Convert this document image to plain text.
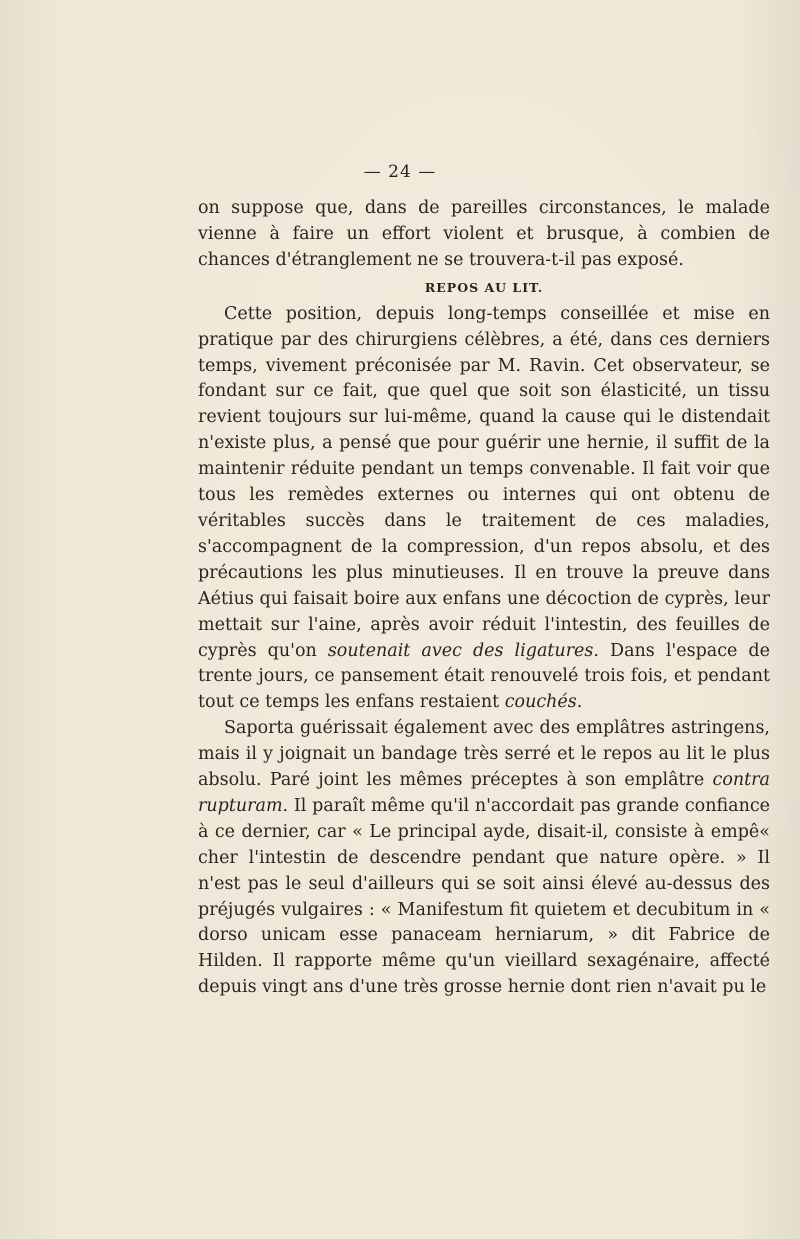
— 24 —

on suppose que, dans de pareilles circonstances, le malade vienne à faire un effort violent et brusque, à combien de chances d'étranglement ne se trouvera-t-il pas exposé.

REPOS AU LIT.

Cette position, depuis long-temps conseillée et mise en pratique par des chirurgiens célèbres, a été, dans ces derniers temps, vivement préconisée par M. Ravin. Cet observateur, se fondant sur ce fait, que quel que soit son élasticité, un tissu revient toujours sur lui-même, quand la cause qui le distendait n'existe plus, a pensé que pour guérir une hernie, il suffit de la maintenir réduite pendant un temps convenable. Il fait voir que tous les remèdes externes ou internes qui ont obtenu de véritables succès dans le traitement de ces maladies, s'accompagnent de la compression, d'un repos absolu, et des précautions les plus minutieuses. Il en trouve la preuve dans Aétius qui faisait boire aux enfans une décoction de cyprès, leur mettait sur l'aine, après avoir réduit l'intestin, des feuilles de cyprès qu'on soutenait avec des ligatures. Dans l'espace de trente jours, ce pansement était renouvelé trois fois, et pendant tout ce temps les enfans restaient couchés.

Saporta guérissait également avec des emplâtres astringens, mais il y joignait un bandage très serré et le repos au lit le plus absolu. Paré joint les mêmes préceptes à son emplâtre contra rupturam. Il paraît même qu'il n'accordait pas grande confiance à ce dernier, car « Le principal ayde, disait-il, consiste à empê« cher l'intestin de descendre pendant que nature opère. » Il n'est pas le seul d'ailleurs qui se soit ainsi élevé au-dessus des préjugés vulgaires : « Manifestum fit quietem et decubitum in « dorso unicam esse panaceam herniarum, » dit Fabrice de Hilden. Il rapporte même qu'un vieillard sexagénaire, affecté depuis vingt ans d'une très grosse hernie dont rien n'avait pu le
